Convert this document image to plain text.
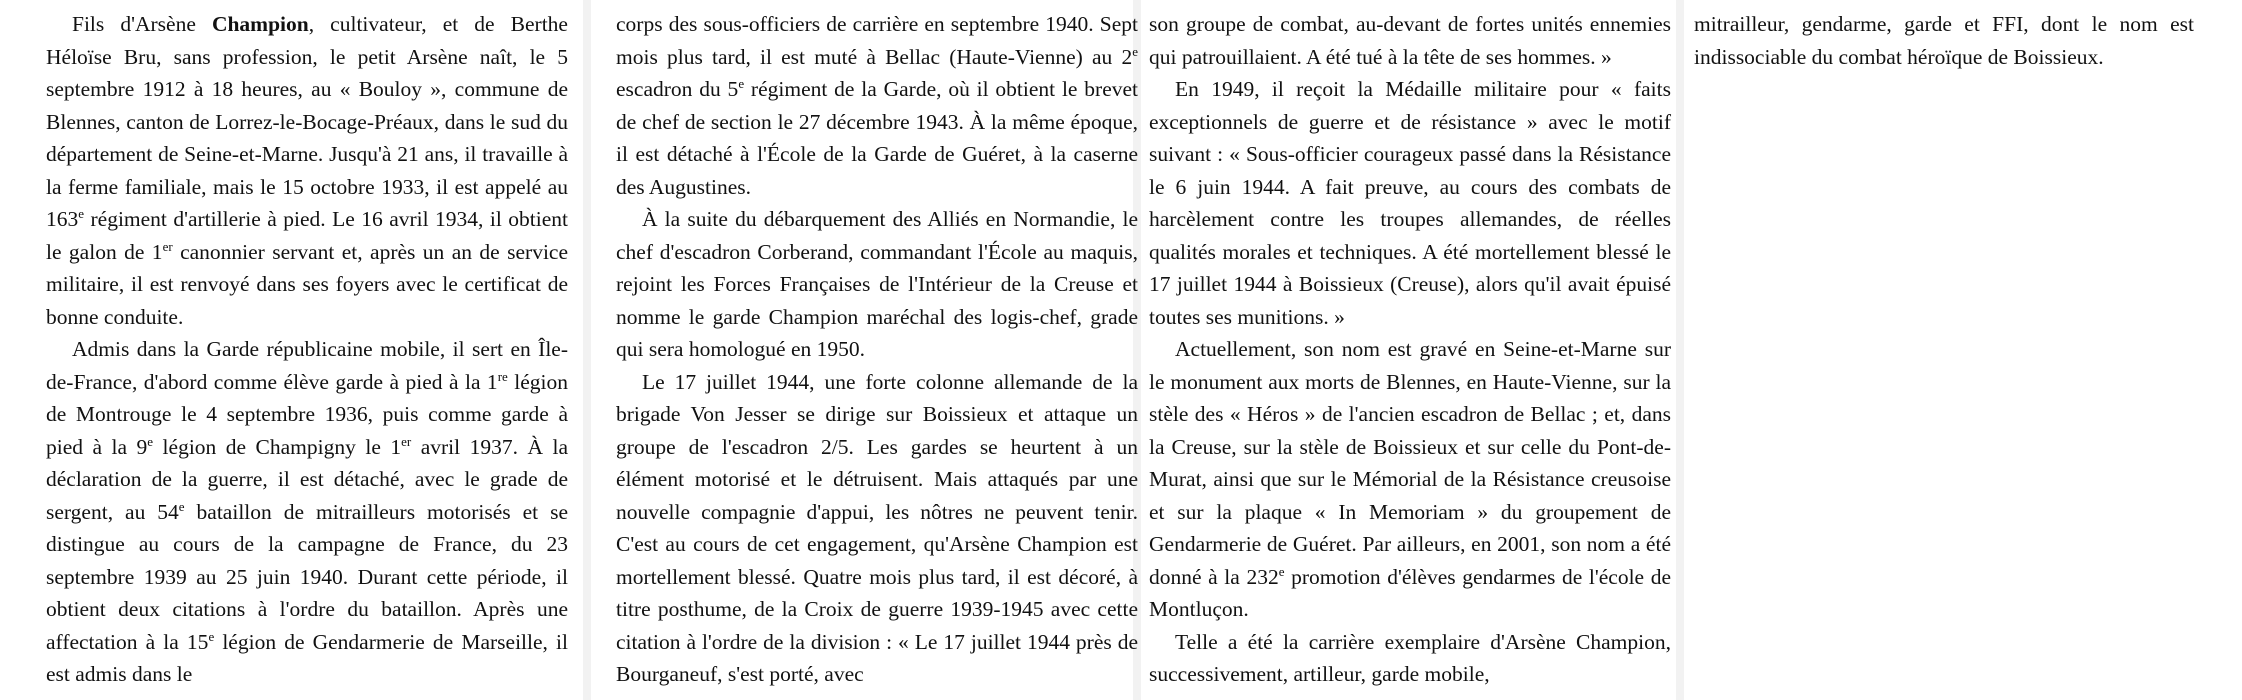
Fils d'Arsène Champion, cultivateur, et de Berthe Héloïse Bru, sans profession, le petit Arsène naît, le 5 septembre 1912 à 18 heures, au « Bouloy », commune de Blennes, canton de Lorrez-le-Bocage-Préaux, dans le sud du département de Seine-et-Marne. Jusqu'à 21 ans, il travaille à la ferme familiale, mais le 15 octobre 1933, il est appelé au 163e régiment d'artillerie à pied. Le 16 avril 1934, il obtient le galon de 1er canonnier servant et, après un an de service militaire, il est renvoyé dans ses foyers avec le certificat de bonne conduite.

Admis dans la Garde républicaine mobile, il sert en Île-de-France, d'abord comme élève garde à pied à la 1re légion de Montrouge le 4 septembre 1936, puis comme garde à pied à la 9e légion de Champigny le 1er avril 1937. À la déclaration de la guerre, il est détaché, avec le grade de sergent, au 54e bataillon de mitrailleurs motorisés et se distingue au cours de la campagne de France, du 23 septembre 1939 au 25 juin 1940. Durant cette période, il obtient deux citations à l'ordre du bataillon. Après une affectation à la 15e légion de Gendarmerie de Marseille, il est admis dans le

corps des sous-officiers de carrière en septembre 1940. Sept mois plus tard, il est muté à Bellac (Haute-Vienne) au 2e escadron du 5e régiment de la Garde, où il obtient le brevet de chef de section le 27 décembre 1943. À la même époque, il est détaché à l'École de la Garde de Guéret, à la caserne des Augustines.

À la suite du débarquement des Alliés en Normandie, le chef d'escadron Corberand, commandant l'École au maquis, rejoint les Forces Françaises de l'Intérieur de la Creuse et nomme le garde Champion maréchal des logis-chef, grade qui sera homologué en 1950.

Le 17 juillet 1944, une forte colonne allemande de la brigade Von Jesser se dirige sur Boissieux et attaque un groupe de l'escadron 2/5. Les gardes se heurtent à un élément motorisé et le détruisent. Mais attaqués par une nouvelle compagnie d'appui, les nôtres ne peuvent tenir. C'est au cours de cet engagement, qu'Arsène Champion est mortellement blessé. Quatre mois plus tard, il est décoré, à titre posthume, de la Croix de guerre 1939-1945 avec cette citation à l'ordre de la division : « Le 17 juillet 1944 près de Bourganeuf, s'est porté, avec

son groupe de combat, au-devant de fortes unités ennemies qui patrouillaient. A été tué à la tête de ses hommes. »

En 1949, il reçoit la Médaille militaire pour « faits exceptionnels de guerre et de résistance » avec le motif suivant : « Sous-officier courageux passé dans la Résistance le 6 juin 1944. A fait preuve, au cours des combats de harcèlement contre les troupes allemandes, de réelles qualités morales et techniques. A été mortellement blessé le 17 juillet 1944 à Boissieux (Creuse), alors qu'il avait épuisé toutes ses munitions. »

Actuellement, son nom est gravé en Seine-et-Marne sur le monument aux morts de Blennes, en Haute-Vienne, sur la stèle des « Héros » de l'ancien escadron de Bellac ; et, dans la Creuse, sur la stèle de Boissieux et sur celle du Pont-de-Murat, ainsi que sur le Mémorial de la Résistance creusoise et sur la plaque « In Memoriam » du groupement de Gendarmerie de Guéret. Par ailleurs, en 2001, son nom a été donné à la 232e promotion d'élèves gendarmes de l'école de Montluçon.

Telle a été la carrière exemplaire d'Arsène Champion, successivement, artilleur, garde mobile,

mitrailleur, gendarme, garde et FFI, dont le nom est indissociable du combat héroïque de Boissieux.
